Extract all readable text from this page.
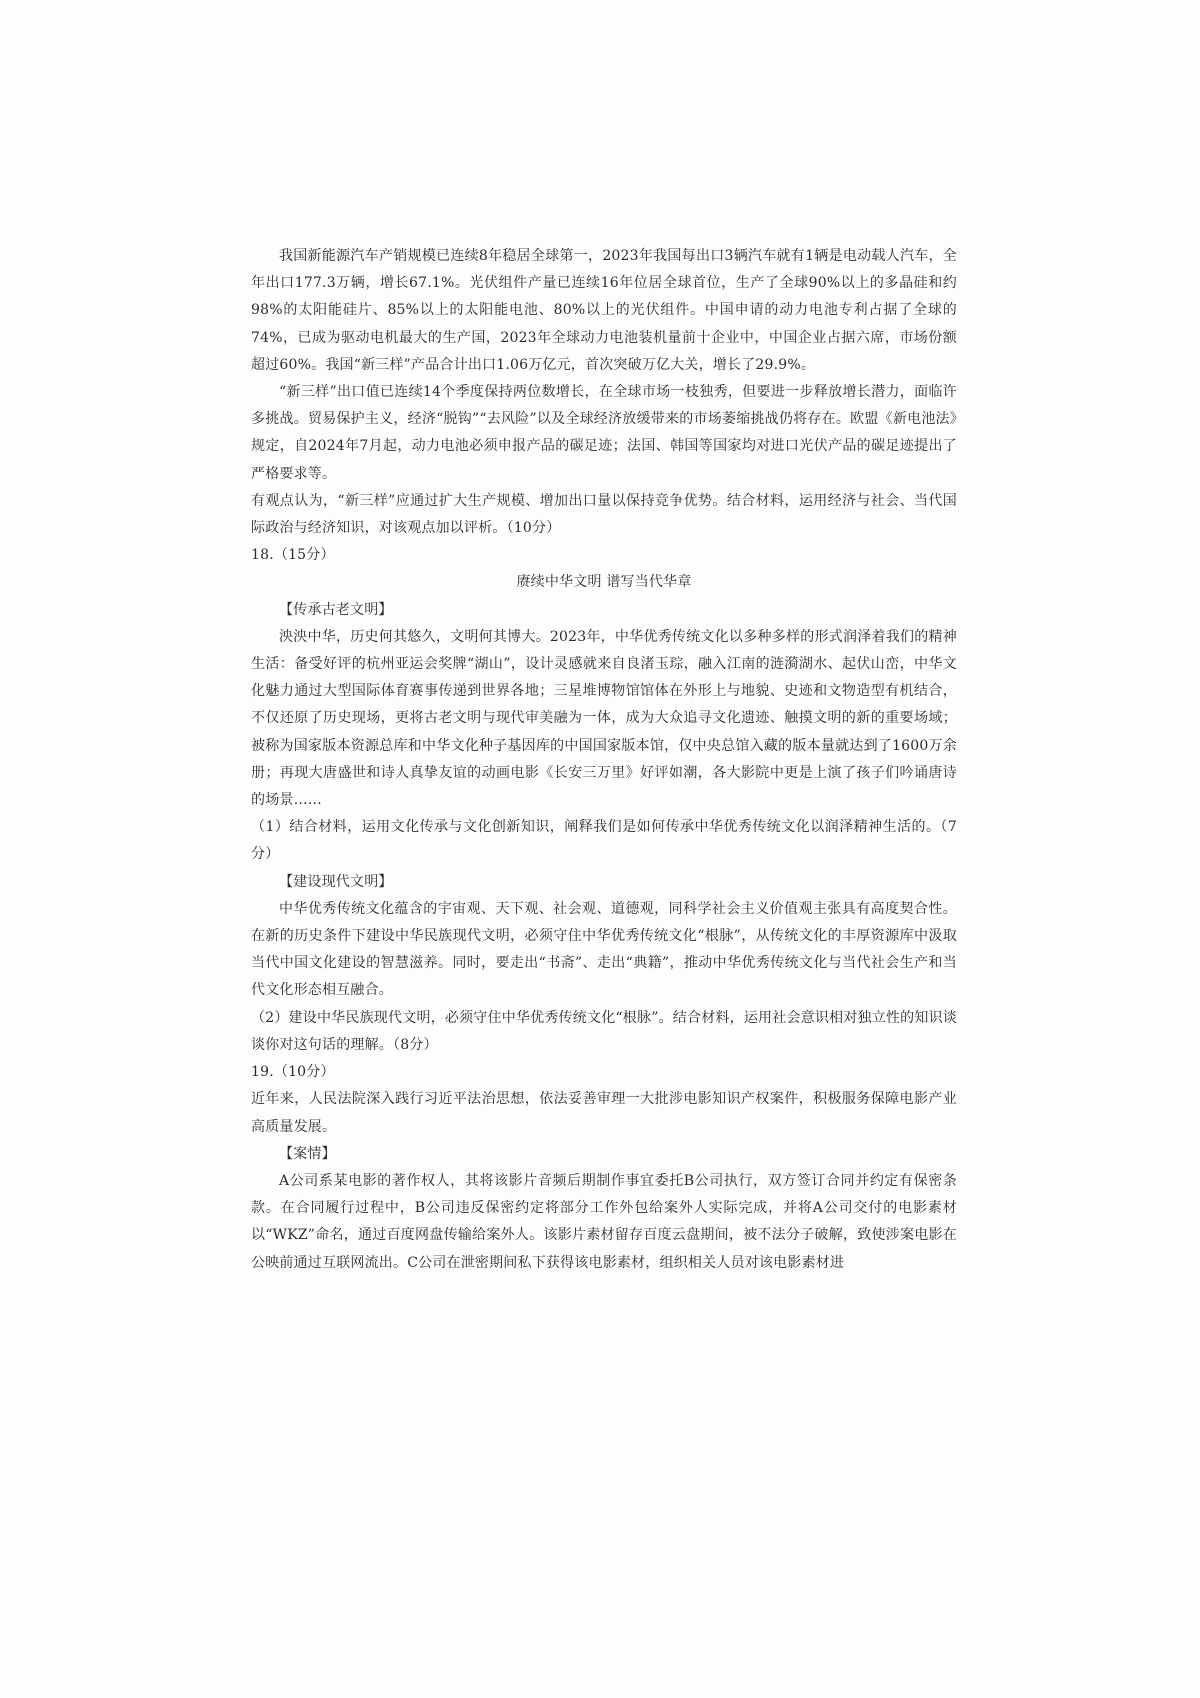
我国新能源汽车产销规模已连续8年稳居全球第一，2023年我国每出口3辆汽车就有1辆是电动载人汽车，全年出口177.3万辆，增长67.1%。光伏组件产量已连续16年位居全球首位，生产了全球90%以上的多晶硅和约98%的太阳能硅片、85%以上的太阳能电池、80%以上的光伏组件。中国申请的动力电池专利占据了全球的74%，已成为驱动电机最大的生产国，2023年全球动力电池装机量前十企业中，中国企业占据六席，市场份额超过60%。我国“新三样”产品合计出口1.06万亿元，首次突破万亿大关，增长了29.9%。

“新三样”出口值已连续14个季度保持两位数增长，在全球市场一枝独秀，但要进一步释放增长潜力，面临许多挑战。贸易保护主义，经济“脱钩”“去风险”以及全球经济放缓带来的市场萎缩挑战仍将存在。欧盟《新电池法》规定，自2024年7月起，动力电池必须申报产品的碳足迹；法国、韩国等国家均对进口光伏产品的碳足迹提出了严格要求等。

有观点认为，“新三样”应通过扩大生产规模、增加出口量以保持竞争优势。结合材料，运用经济与社会、当代国际政治与经济知识，对该观点加以评析。（10分）

18.（15分）

赓续中华文明 谱写当代华章

【传承古老文明】

泱泱中华，历史何其悠久，文明何其博大。2023年，中华优秀传统文化以多种多样的形式润泽着我们的精神生活：备受好评的杭州亚运会奖牌“湖山”，设计灵感就来自良渚玉琮，融入江南的涟漪湖水、起伏山峦，中华文化魅力通过大型国际体育赛事传递到世界各地；三星堆博物馆馆体在外形上与地貌、史迹和文物造型有机结合，不仅还原了历史现场，更将古老文明与现代审美融为一体，成为大众追寻文化遗迹、触摸文明的新的重要场域；被称为国家版本资源总库和中华文化种子基因库的中国国家版本馆，仅中央总馆入藏的版本量就达到了1600万余册；再现大唐盛世和诗人真挚友谊的动画电影《长安三万里》好评如潮，各大影院中更是上演了孩子们吟诵唐诗的场景……

（1）结合材料，运用文化传承与文化创新知识，阐释我们是如何传承中华优秀传统文化以润泽精神生活的。（7分）

【建设现代文明】

中华优秀传统文化蕴含的宇宙观、天下观、社会观、道德观，同科学社会主义价值观主张具有高度契合性。在新的历史条件下建设中华民族现代文明，必须守住中华优秀传统文化“根脉”，从传统文化的丰厚资源库中汲取当代中国文化建设的智慧滋养。同时，要走出“书斋”、走出“典籍”，推动中华优秀传统文化与当代社会生产和当代文化形态相互融合。

（2）建设中华民族现代文明，必须守住中华优秀传统文化“根脉”。结合材料，运用社会意识相对独立性的知识谈谈你对这句话的理解。（8分）

19.（10分）

近年来，人民法院深入践行习近平法治思想，依法妥善审理一大批涉电影知识产权案件，积极服务保障电影产业高质量发展。

【案情】

A公司系某电影的著作权人，其将该影片音频后期制作事宜委托B公司执行，双方签订合同并约定有保密条款。在合同履行过程中，B公司违反保密约定将部分工作外包给案外人实际完成，并将A公司交付的电影素材以“WKZ”命名，通过百度网盘传输给案外人。该影片素材留存百度云盘期间，被不法分子破解，致使涉案电影在公映前通过互联网流出。C公司在泄密期间私下获得该电影素材，组织相关人员对该电影素材进
